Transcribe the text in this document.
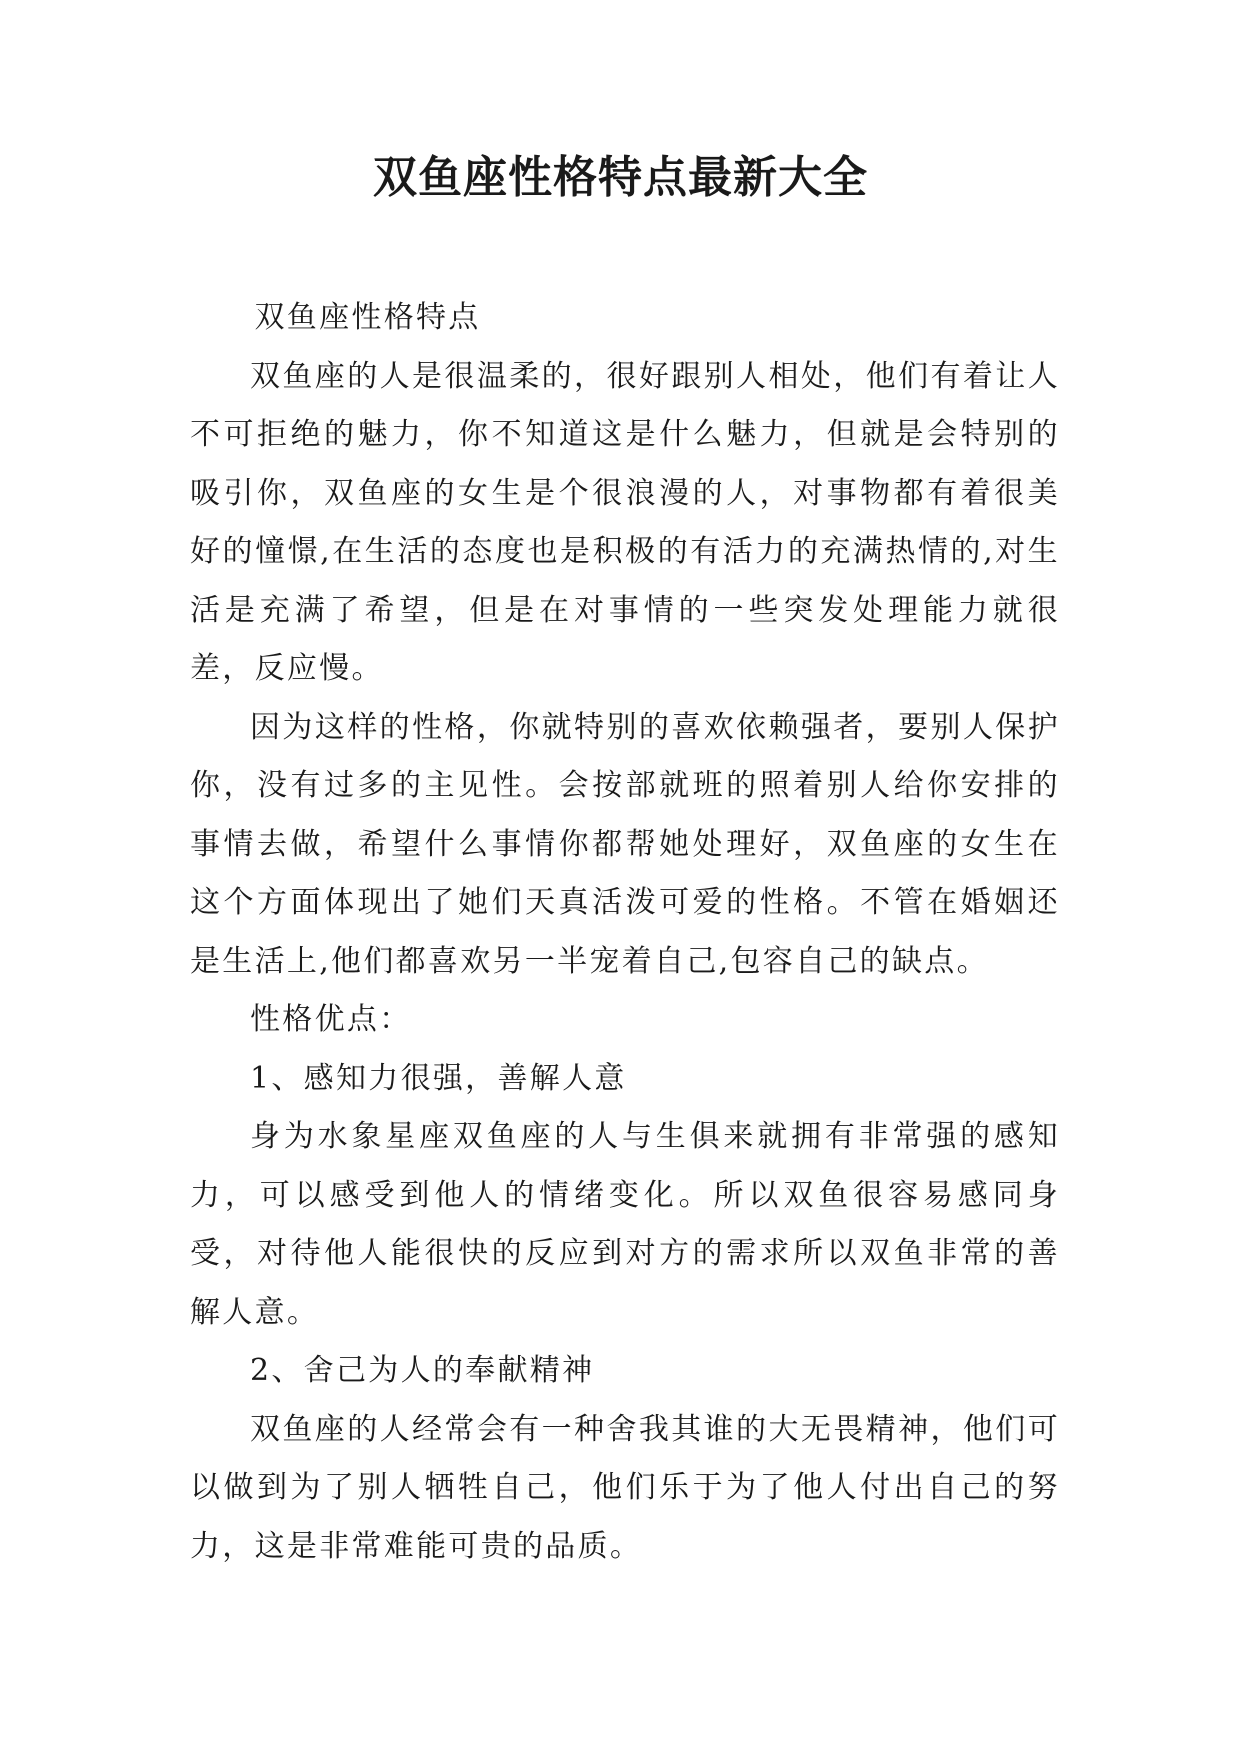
双鱼座性格特点最新大全

双鱼座性格特点

双鱼座的人是很温柔的，很好跟别人相处，他们有着让人不可拒绝的魅力，你不知道这是什么魅力，但就是会特别的吸引你，双鱼座的女生是个很浪漫的人，对事物都有着很美好的憧憬,在生活的态度也是积极的有活力的充满热情的,对生活是充满了希望，但是在对事情的一些突发处理能力就很差，反应慢。

因为这样的性格，你就特别的喜欢依赖强者，要别人保护你，没有过多的主见性。会按部就班的照着别人给你安排的事情去做，希望什么事情你都帮她处理好，双鱼座的女生在这个方面体现出了她们天真活泼可爱的性格。不管在婚姻还是生活上,他们都喜欢另一半宠着自己,包容自己的缺点。

性格优点：

1、感知力很强，善解人意

身为水象星座双鱼座的人与生俱来就拥有非常强的感知力，可以感受到他人的情绪变化。所以双鱼很容易感同身受，对待他人能很快的反应到对方的需求所以双鱼非常的善解人意。

2、舍己为人的奉献精神

双鱼座的人经常会有一种舍我其谁的大无畏精神，他们可以做到为了别人牺牲自己，他们乐于为了他人付出自己的努力，这是非常难能可贵的品质。
